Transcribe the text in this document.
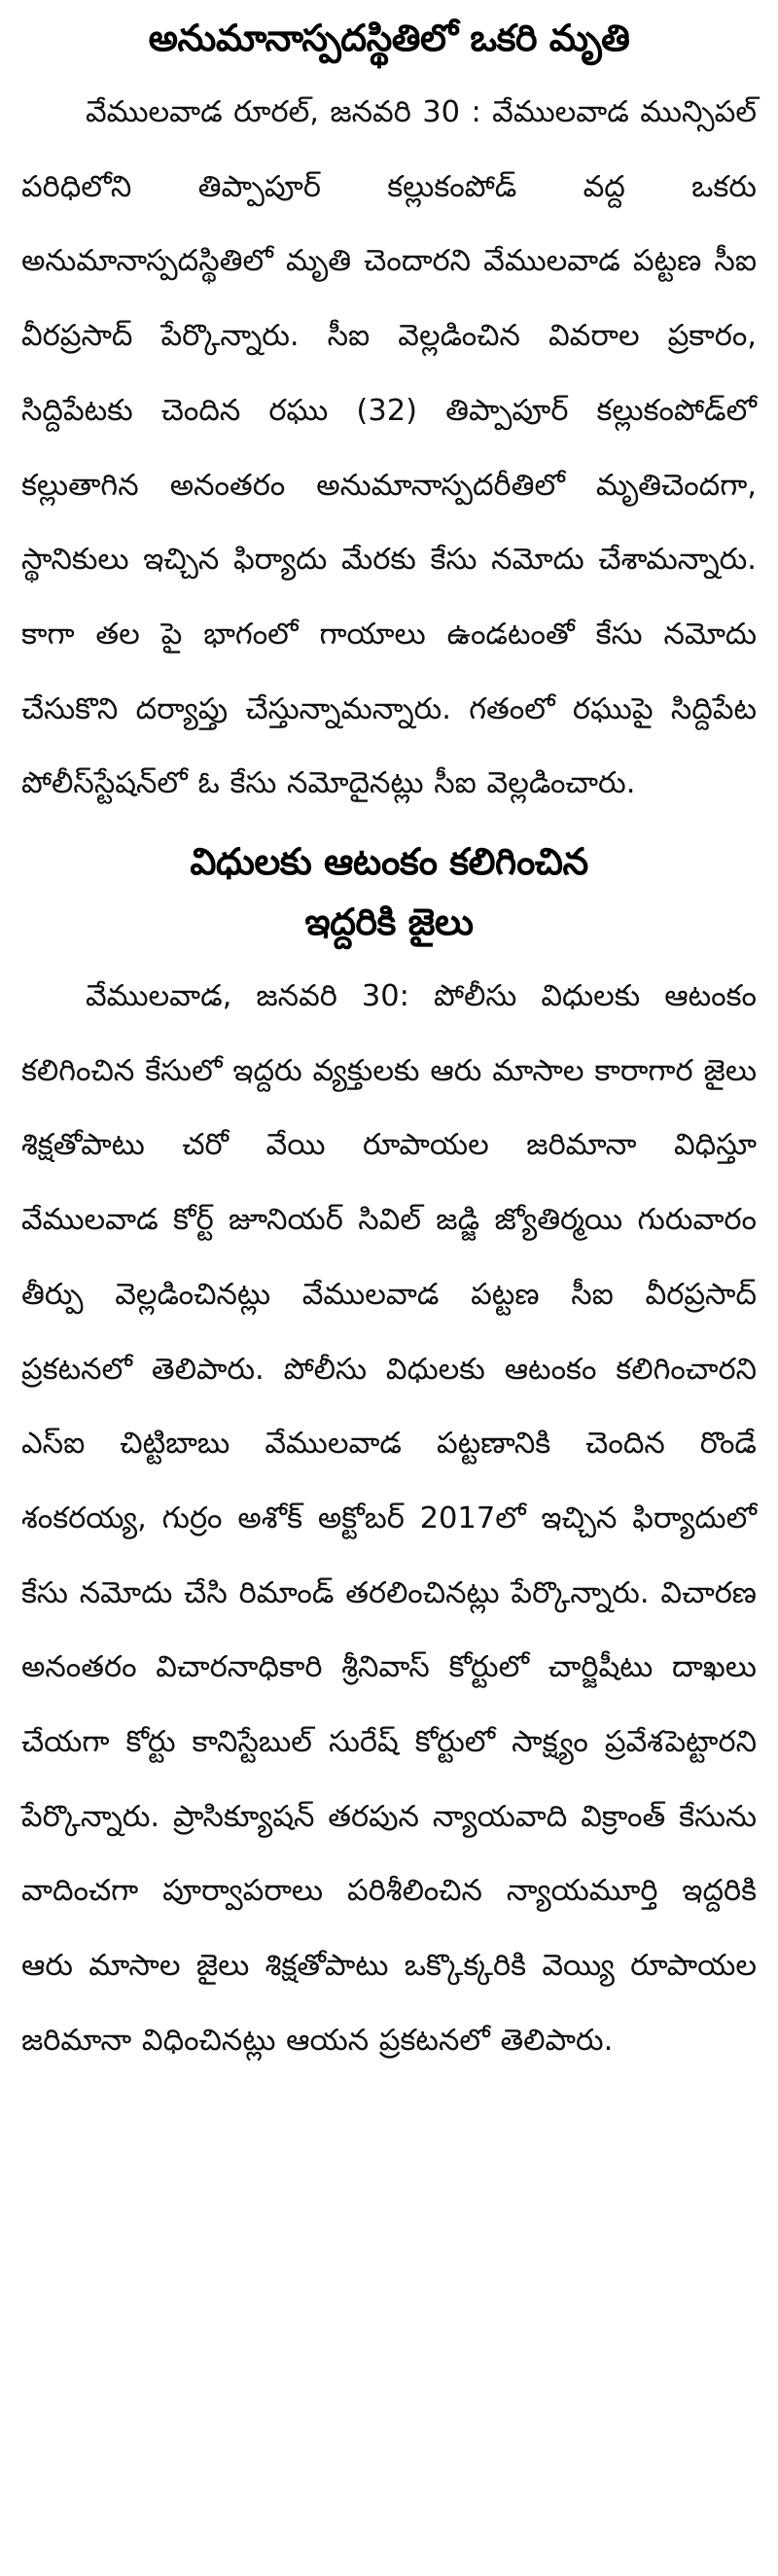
అనుమానాస్పదస్థితిలో ఒకరి మృతి

వేములవాడ రూరల్, జనవరి 30 : వేములవాడ మున్సిపల్ పరిధిలోని తిప్పాపూర్ కల్లుకంపోడ్ వద్ద ఒకరు అనుమానాస్పదస్థితిలో మృతి చెందారని వేములవాడ పట్టణ సీఐ వీరప్రసాద్ పేర్కొన్నారు. సీఐ వెల్లడించిన వివరాల ప్రకారం, సిద్దిపేటకు చెందిన రఘు (32) తిప్పాపూర్ కల్లుకంపోడ్‌లో కల్లుతాగిన అనంతరం అనుమానాస్పదరీతిలో మృతిచెందగా, స్థానికులు ఇచ్చిన ఫిర్యాదు మేరకు కేసు నమోదు చేశామన్నారు. కాగా తల పై భాగంలో గాయాలు ఉండటంతో కేసు నమోదు చేసుకొని దర్యాప్తు చేస్తున్నామన్నారు. గతంలో రఘుపై సిద్దిపేట పోలీస్‌స్టేషన్‌లో ఓ కేసు నమోదైనట్లు సీఐ వెల్లడించారు.

విధులకు ఆటంకం కలిగించిన
ఇద్దరికి జైలు

వేములవాడ, జనవరి 30: పోలీసు విధులకు ఆటంకం కలిగించిన కేసులో ఇద్దరు వ్యక్తులకు ఆరు మాసాల కారాగార జైలు శిక్షతోపాటు చరో వేయి రూపాయల జరిమానా విధిస్తూ వేములవాడ కోర్ట్ జూనియర్ సివిల్ జడ్జి జ్యోతిర్మయి గురువారం తీర్పు వెల్లడించినట్లు వేములవాడ పట్టణ సీఐ వీరప్రసాద్ ప్రకటనలో తెలిపారు. పోలీసు విధులకు ఆటంకం కలిగించారని ఎస్ఐ చిట్టిబాబు వేములవాడ పట్టణానికి చెందిన రొండే శంకరయ్య, గుర్రం అశోక్ అక్టోబర్ 2017లో ఇచ్చిన ఫిర్యాదులో కేసు నమోదు చేసి రిమాండ్ తరలించినట్లు పేర్కొన్నారు. విచారణ అనంతరం విచారనాధికారి శ్రీనివాస్ కోర్టులో చార్జిషీటు దాఖలు చేయగా కోర్టు కానిస్టేబుల్ సురేష్ కోర్టులో సాక్ష్యం ప్రవేశపెట్టారని పేర్కొన్నారు. ప్రాసిక్యూషన్ తరపున న్యాయవాది విక్రాంత్ కేసును వాదించగా పూర్వాపరాలు పరిశీలించిన న్యాయమూర్తి ఇద్దరికి ఆరు మాసాల జైలు శిక్షతోపాటు ఒక్కొక్కరికి వెయ్యి రూపాయల జరిమానా విధించినట్లు ఆయన ప్రకటనలో తెలిపారు.
